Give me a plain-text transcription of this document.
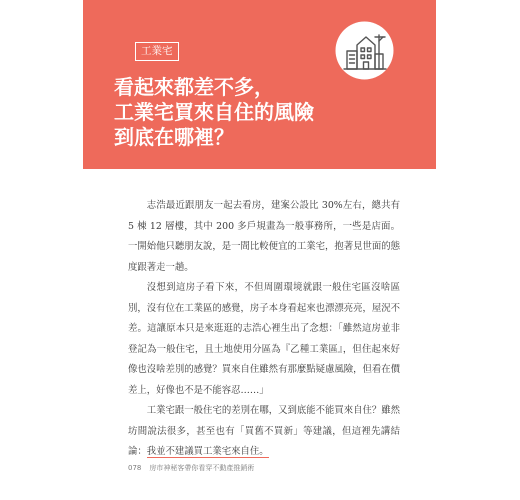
工業宅
看起來都差不多，
工業宅買來自住的風險
到底在哪裡？

志浩最近跟朋友一起去看房，建案公設比 30%左右，總共有 5 棟 12 層樓，其中 200 多戶規畫為一般事務所，一些是店面。一開始他只聽朋友說，是一間比較便宜的工業宅，抱著見世面的態度跟著走一趟。

沒想到這房子看下來，不但周圍環境就跟一般住宅區沒啥區別，沒有位在工業區的感覺，房子本身看起來也漂漂亮亮，屋況不差。這讓原本只是來逛逛的志浩心裡生出了念想：「雖然這房並非登記為一般住宅，且土地使用分區為『乙種工業區』，但住起來好像也沒啥差別的感覺？買來自住雖然有那麼點疑慮風險，但看在價差上，好像也不是不能容忍……」

工業宅跟一般住宅的差別在哪，又到底能不能買來自住？雖然坊間說法很多，甚至也有「買舊不買新」等建議，但這裡先講結論：我並不建議買工業宅來自住。

078 房市神秘客帶你看穿不動產推銷術
